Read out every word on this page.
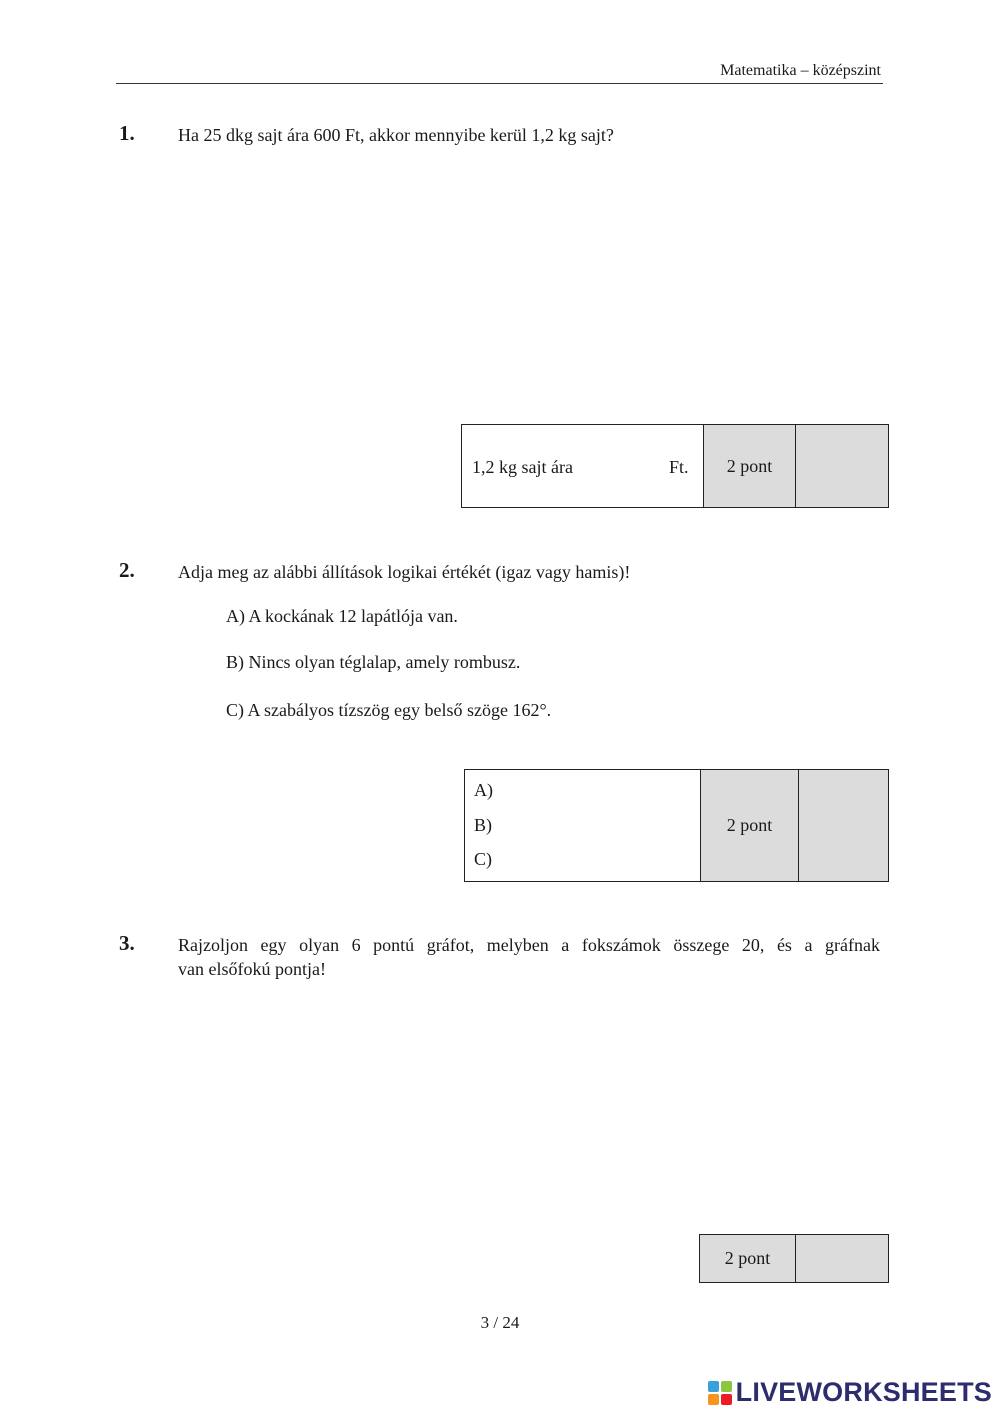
Matematika – középszint
1. Ha 25 dkg sajt ára 600 Ft, akkor mennyibe kerül 1,2 kg sajt?
1,2 kg sajt ára	Ft. 2 pont
2. Adja meg az alábbi állítások logikai értékét (igaz vagy hamis)!
A) A kockának 12 lapátlója van.
B) Nincs olyan téglalap, amely rombusz.
C) A szabályos tízszög egy belső szöge 162°.
A)
B)
C)
2 pont
3. Rajzoljon egy olyan 6 pontú gráfot, melyben a fokszámok összege 20, és a gráfnak
van elsőfokú pontja!
2 pont
3 / 24
LIVEWORKSHEETS
